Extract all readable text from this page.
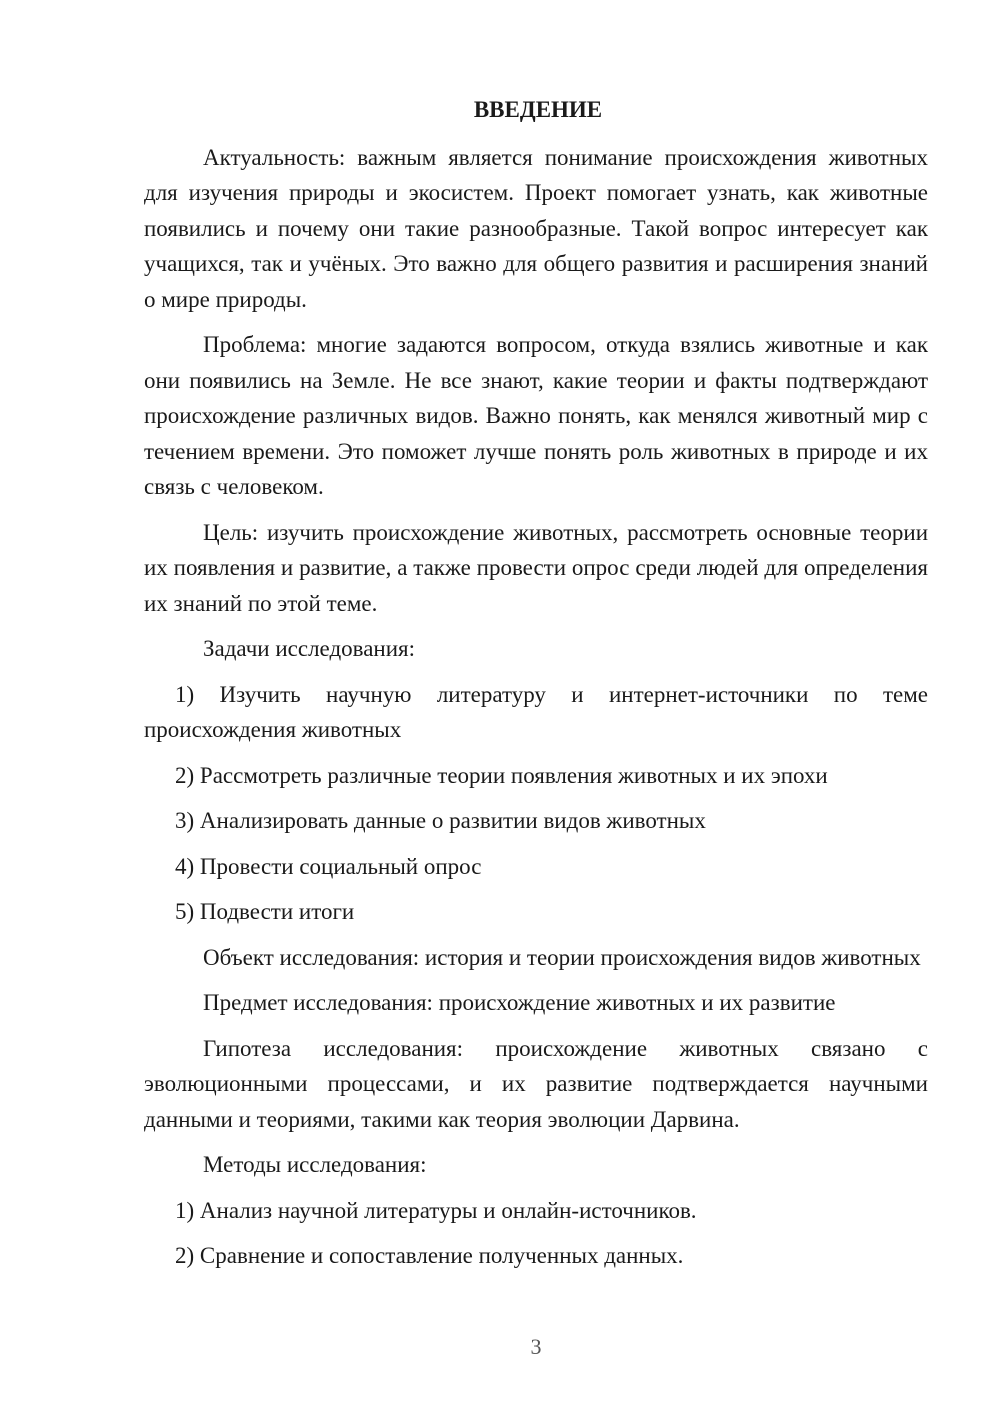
ВВЕДЕНИЕ

Актуальность: важным является понимание происхождения животных для изучения природы и экосистем. Проект помогает узнать, как животные появились и почему они такие разнообразные. Такой вопрос интересует как учащихся, так и учёных. Это важно для общего развития и расширения знаний о мире природы.

Проблема: многие задаются вопросом, откуда взялись животные и как они появились на Земле. Не все знают, какие теории и факты подтверждают происхождение различных видов. Важно понять, как менялся животный мир с течением времени. Это поможет лучше понять роль животных в природе и их связь с человеком.

Цель: изучить происхождение животных, рассмотреть основные теории их появления и развитие, а также провести опрос среди людей для определения их знаний по этой теме.

Задачи исследования:

1) Изучить научную литературу и интернет-источники по теме происхождения животных

2) Рассмотреть различные теории появления животных и их эпохи

3) Анализировать данные о развитии видов животных

4) Провести социальный опрос

5) Подвести итоги

Объект исследования: история и теории происхождения видов животных

Предмет исследования: происхождение животных и их развитие

Гипотеза исследования: происхождение животных связано с эволюционными процессами, и их развитие подтверждается научными данными и теориями, такими как теория эволюции Дарвина.

Методы исследования:

1) Анализ научной литературы и онлайн-источников.

2) Сравнение и сопоставление полученных данных.

3
